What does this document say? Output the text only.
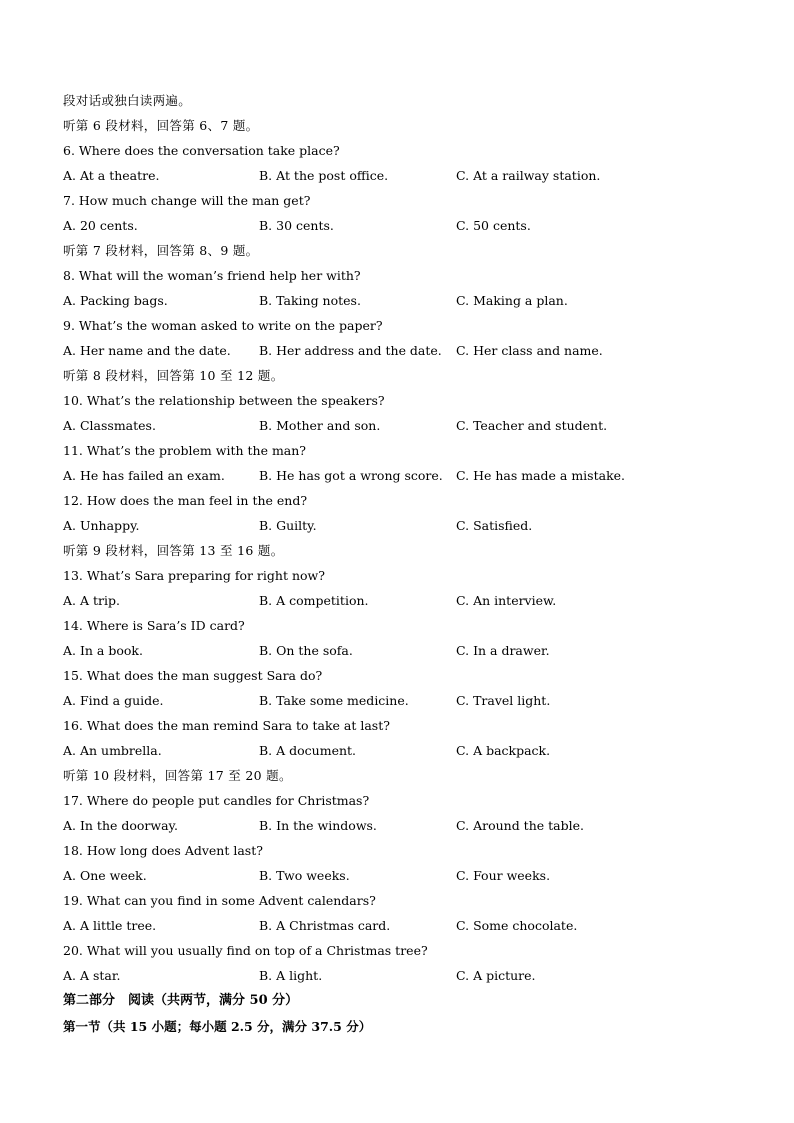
段对话或独白读两遍。
听第 6 段材料，回答第 6、7 题。
6. Where does the conversation take place?
A. At a theatre.	B. At the post office.	C. At a railway station.
7. How much change will the man get?
A. 20 cents.	B. 30 cents.	C. 50 cents.
听第 7 段材料，回答第 8、9 题。
8. What will the woman’s friend help her with?
A. Packing bags.	B. Taking notes.	C. Making a plan.
9. What’s the woman asked to write on the paper?
A. Her name and the date. B. Her address and the date. C. Her class and name.
听第 8 段材料，回答第 10 至 12 题。
10. What’s the relationship between the speakers?
A. Classmates.	B. Mother and son.	C. Teacher and student.
11. What’s the problem with the man?
A. He has failed an exam.	B. He has got a wrong score. C. He has made a mistake.
12. How does the man feel in the end?
A. Unhappy.	B. Guilty.	C. Satisfied.
听第 9 段材料，回答第 13 至 16 题。
13. What’s Sara preparing for right now?
A. A trip.	B. A competition.	C. An interview.
14. Where is Sara’s ID card?
A. In a book.	B. On the sofa.	C. In a drawer.
15. What does the man suggest Sara do?
A. Find a guide.	B. Take some medicine.	C. Travel light.
16. What does the man remind Sara to take at last?
A. An umbrella.	B. A document.	C. A backpack.
听第 10 段材料，回答第 17 至 20 题。
17. Where do people put candles for Christmas?
A. In the doorway.	B. In the windows.	C. Around the table.
18. How long does Advent last?
A. One week.	B. Two weeks.	C. Four weeks.
19. What can you find in some Advent calendars?
A. A little tree.	B. A Christmas card.	C. Some chocolate.
20. What will you usually find on top of a Christmas tree?
A. A star.	B. A light.	C. A picture.
第二部分　阅读（共两节，满分 50 分）
第一节（共 15 小题；每小题 2.5 分，满分 37.5 分）
